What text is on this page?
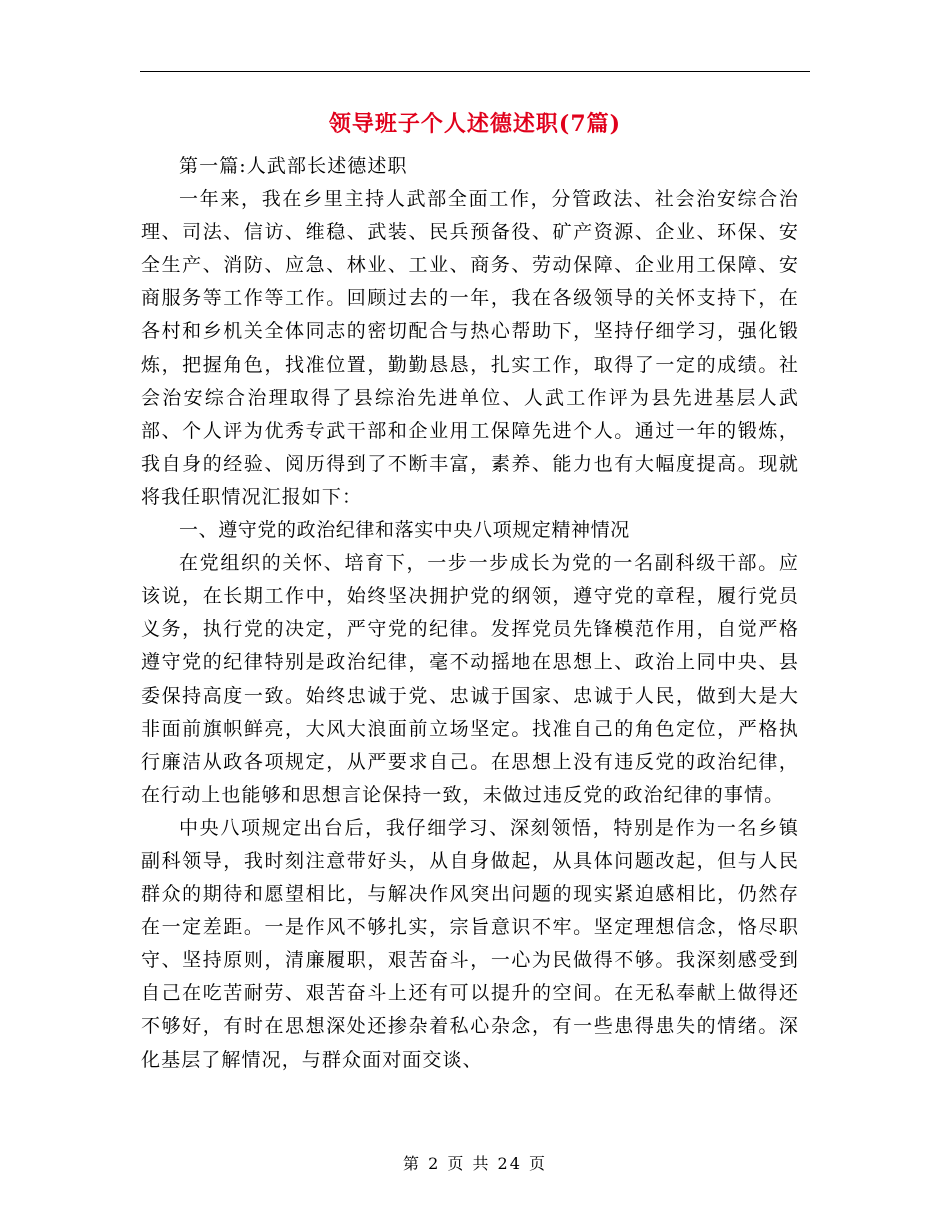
领导班子个人述德述职(7篇)

第一篇:人武部长述德述职

一年来，我在乡里主持人武部全面工作，分管政法、社会治安综合治理、司法、信访、维稳、武装、民兵预备役、矿产资源、企业、环保、安全生产、消防、应急、林业、工业、商务、劳动保障、企业用工保障、安商服务等工作等工作。回顾过去的一年，我在各级领导的关怀支持下，在各村和乡机关全体同志的密切配合与热心帮助下，坚持仔细学习，强化锻炼，把握角色，找准位置，勤勤恳恳，扎实工作，取得了一定的成绩。社会治安综合治理取得了县综治先进单位、人武工作评为县先进基层人武部、个人评为优秀专武干部和企业用工保障先进个人。通过一年的锻炼，我自身的经验、阅历得到了不断丰富，素养、能力也有大幅度提高。现就将我任职情况汇报如下：

一、遵守党的政治纪律和落实中央八项规定精神情况

在党组织的关怀、培育下，一步一步成长为党的一名副科级干部。应该说，在长期工作中，始终坚决拥护党的纲领，遵守党的章程，履行党员义务，执行党的决定，严守党的纪律。发挥党员先锋模范作用，自觉严格遵守党的纪律特别是政治纪律，毫不动摇地在思想上、政治上同中央、县委保持高度一致。始终忠诚于党、忠诚于国家、忠诚于人民，做到大是大非面前旗帜鲜亮，大风大浪面前立场坚定。找准自己的角色定位，严格执行廉洁从政各项规定，从严要求自己。在思想上没有违反党的政治纪律，在行动上也能够和思想言论保持一致，未做过违反党的政治纪律的事情。

中央八项规定出台后，我仔细学习、深刻领悟，特别是作为一名乡镇副科领导，我时刻注意带好头，从自身做起，从具体问题改起，但与人民群众的期待和愿望相比，与解决作风突出问题的现实紧迫感相比，仍然存在一定差距。一是作风不够扎实，宗旨意识不牢。坚定理想信念，恪尽职守、坚持原则，清廉履职，艰苦奋斗，一心为民做得不够。我深刻感受到自己在吃苦耐劳、艰苦奋斗上还有可以提升的空间。在无私奉献上做得还不够好，有时在思想深处还掺杂着私心杂念，有一些患得患失的情绪。深化基层了解情况，与群众面对面交谈、

第 2 页 共 24 页
